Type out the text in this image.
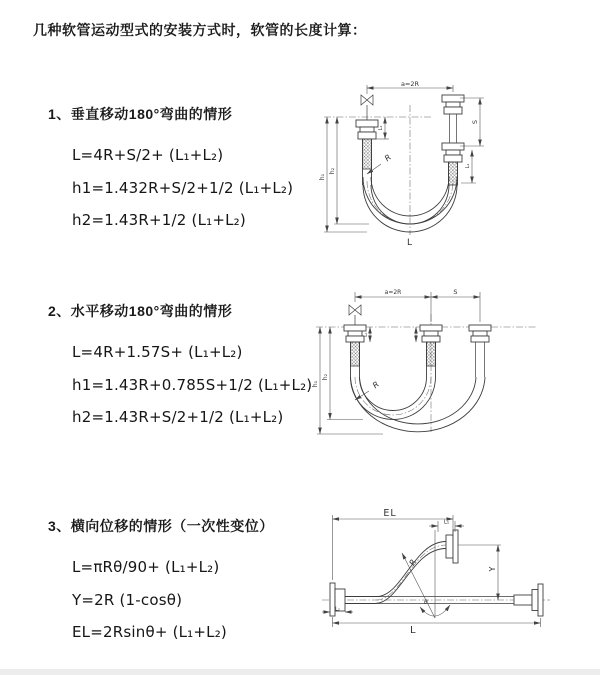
几种软管运动型式的安装方式时，软管的长度计算：

1、垂直移动180°弯曲的情形

L=4R+S/2+ (L₁+L₂)
h1=1.432R+S/2+1/2 (L₁+L₂)
h2=1.43R+1/2 (L₁+L₂)

2、水平移动180°弯曲的情形

L=4R+1.57S+ (L₁+L₂)
h1=1.43R+0.785S+1/2 (L₁+L₂)
h2=1.43R+S/2+1/2 (L₁+L₂)

3、横向位移的情形（一次性变位）

L=πRθ/90+ (L₁+L₂)
Y=2R (1-cosθ)
EL=2Rsinθ+ (L₁+L₂)
a=2R
h₁
h₂
L₁
S
L₁
R
L
a=2R	S
h₁
h₂
L₁
R
EL
L₁
Y
R
θ
L₂
L
